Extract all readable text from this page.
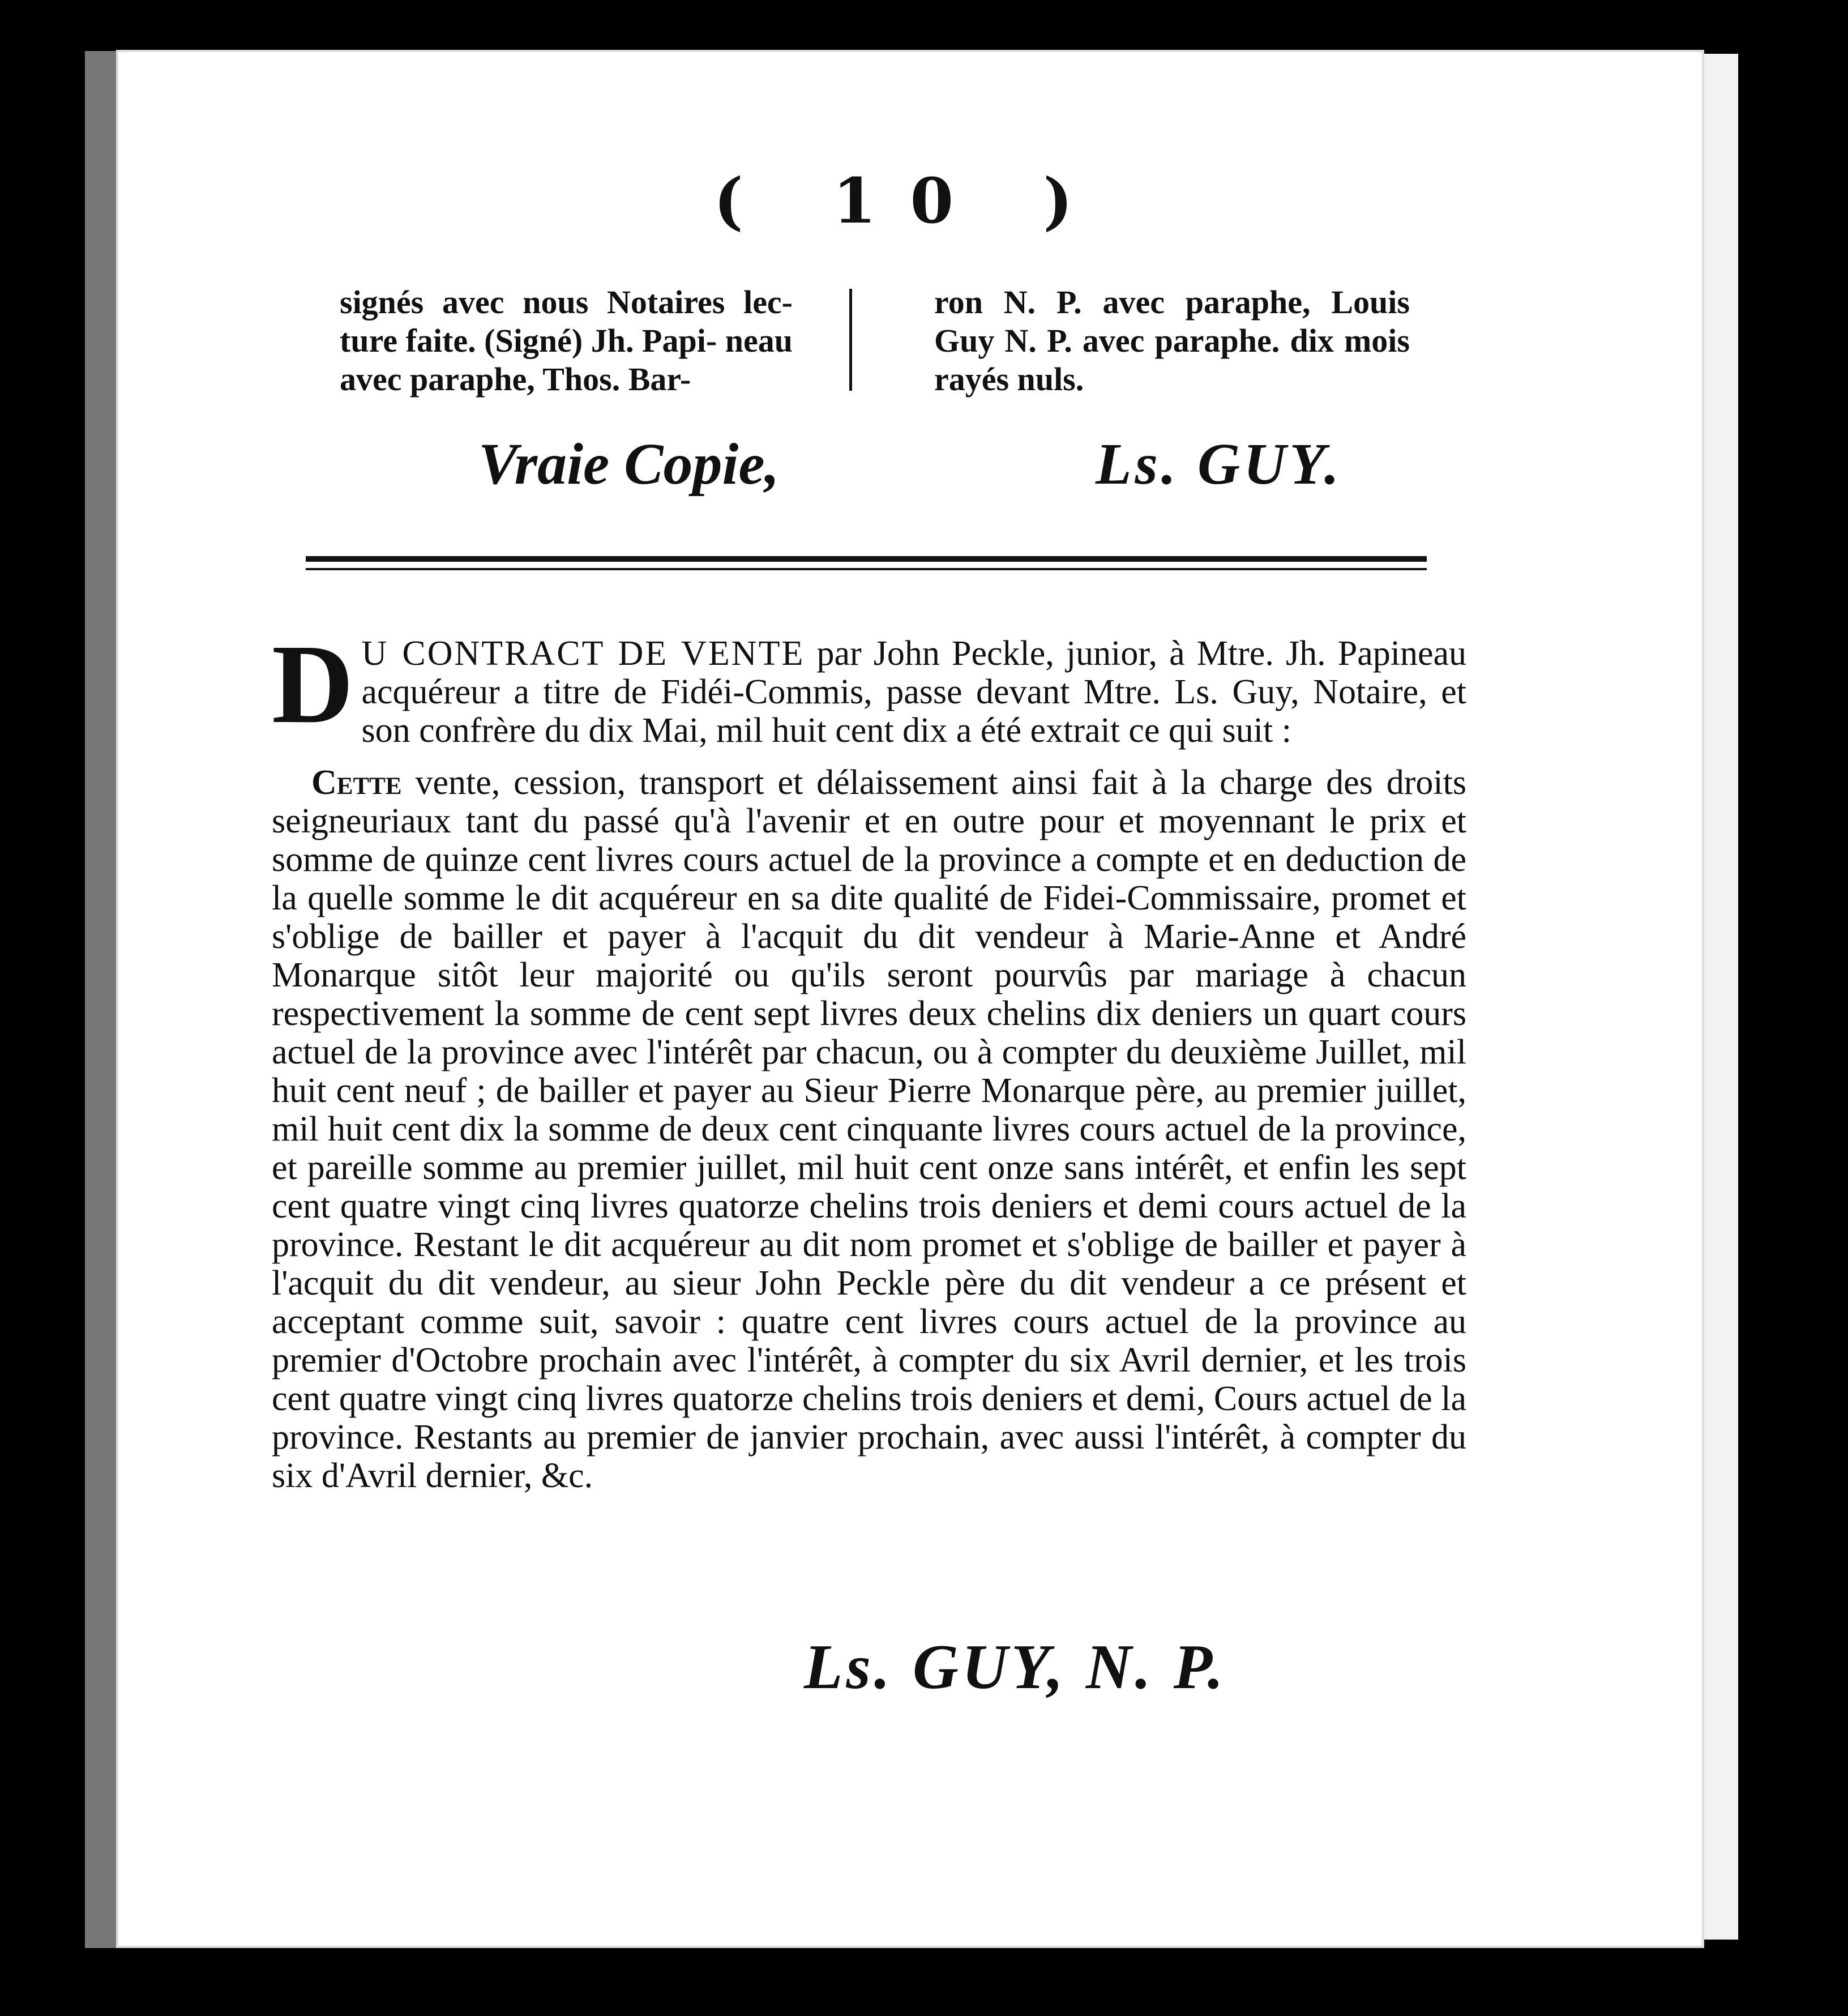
( 10 )
signés avec nous Notaires lec- ture faite. (Signé) Jh. Papi- neau avec paraphe, Thos. Bar-
ron N. P. avec paraphe, Louis Guy N. P. avec paraphe. dix mois rayés nuls.
Vraie Copie,	Ls. GUY.
D U CONTRACT DE VENTE par John Peckle, junior, à Mtre. Jh. Papineau acquéreur a titre de Fidéi-Commis, passe devant Mtre. Ls. Guy, Notaire, et son confrère du dix Mai, mil huit cent dix a été extrait ce qui suit :
Cette vente, cession, transport et délaissement ainsi fait à la charge des droits seigneuriaux tant du passé qu'à l'avenir et en outre pour et moyennant le prix et somme de quinze cent livres cours actuel de la province a compte et en deduction de la quelle somme le dit acquéreur en sa dite qualité de Fidei-Commissaire, promet et s'oblige de bailler et payer à l'acquit du dit vendeur à Marie-Anne et André Monarque sitôt leur majorité ou qu'ils seront pourvûs par mariage à chacun respectivement la somme de cent sept livres deux chelins dix deniers un quart cours actuel de la province avec l'intérêt par chacun, ou à compter du deuxième Juillet, mil huit cent neuf ; de bailler et payer au Sieur Pierre Monarque père, au premier juillet, mil huit cent dix la somme de deux cent cinquante livres cours actuel de la province, et pareille somme au premier juillet, mil huit cent onze sans intérêt, et enfin les sept cent quatre vingt cinq livres quatorze chelins trois deniers et demi cours actuel de la province. Restant le dit acquéreur au dit nom promet et s'oblige de bailler et payer à l'acquit du dit vendeur, au sieur John Peckle père du dit vendeur a ce présent et acceptant comme suit, savoir : quatre cent livres cours actuel de la province au premier d'Octobre prochain avec l'intérêt, à compter du six Avril dernier, et les trois cent quatre vingt cinq livres quatorze chelins trois deniers et demi, Cours actuel de la province. Restants au premier de janvier prochain, avec aussi l'intérêt, à compter du six d'Avril dernier, &c.
Ls. GUY, N. P.
